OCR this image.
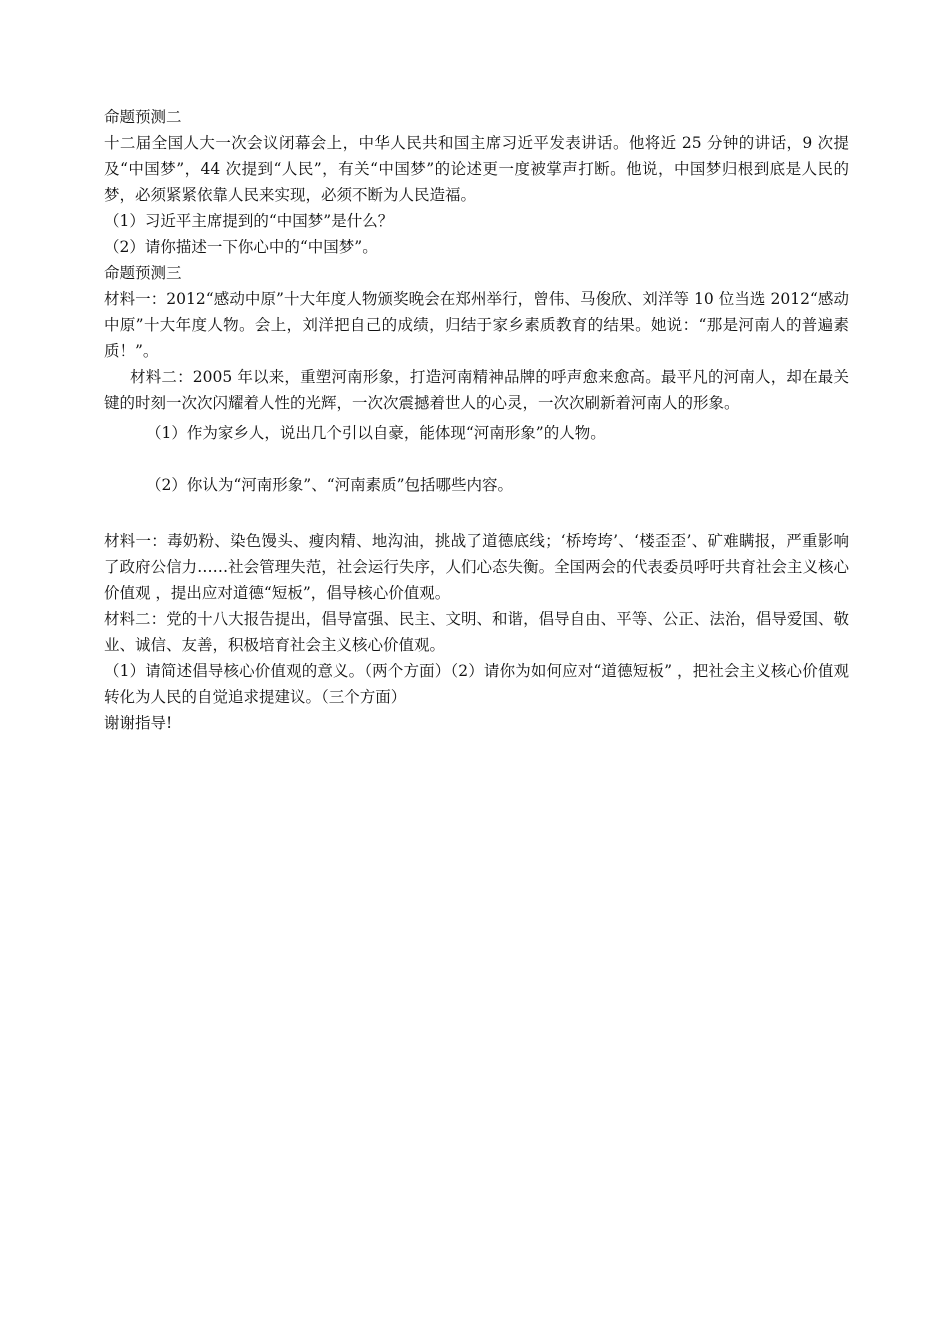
命题预测二

十二届全国人大一次会议闭幕会上，中华人民共和国主席习近平发表讲话。他将近 25 分钟的讲话，9 次提及“中国梦”，44 次提到“人民”，有关“中国梦”的论述更一度被掌声打断。他说，中国梦归根到底是人民的梦，必须紧紧依靠人民来实现，必须不断为人民造福。

（1）习近平主席提到的“中国梦”是什么？

（2）请你描述一下你心中的“中国梦”。

命题预测三

材料一：2012“感动中原”十大年度人物颁奖晚会在郑州举行，曾伟、马俊欣、刘洋等 10 位当选 2012“感动中原”十大年度人物。会上，刘洋把自己的成绩，归结于家乡素质教育的结果。她说：“那是河南人的普遍素质！”。

材料二：2005 年以来，重塑河南形象，打造河南精神品牌的呼声愈来愈高。最平凡的河南人，却在最关键的时刻一次次闪耀着人性的光辉，一次次震撼着世人的心灵，一次次刷新着河南人的形象。

（1）作为家乡人，说出几个引以自豪，能体现“河南形象”的人物。

（2）你认为“河南形象”、“河南素质”包括哪些内容。

材料一：毒奶粉、染色馒头、瘦肉精、地沟油，挑战了道德底线；‘桥垮垮’、‘楼歪歪’、矿难瞒报，严重影响了政府公信力……社会管理失范，社会运行失序，人们心态失衡。全国两会的代表委员呼吁共育社会主义核心价值观 ，提出应对道德“短板”，倡导核心价值观。

材料二：党的十八大报告提出，倡导富强、民主、文明、和谐，倡导自由、平等、公正、法治，倡导爱国、敬业、诚信、友善，积极培育社会主义核心价值观。

（1）请简述倡导核心价值观的意义。（两个方面）（2）请你为如何应对“道德短板” ，把社会主义核心价值观转化为人民的自觉追求提建议。（三个方面）

谢谢指导!
